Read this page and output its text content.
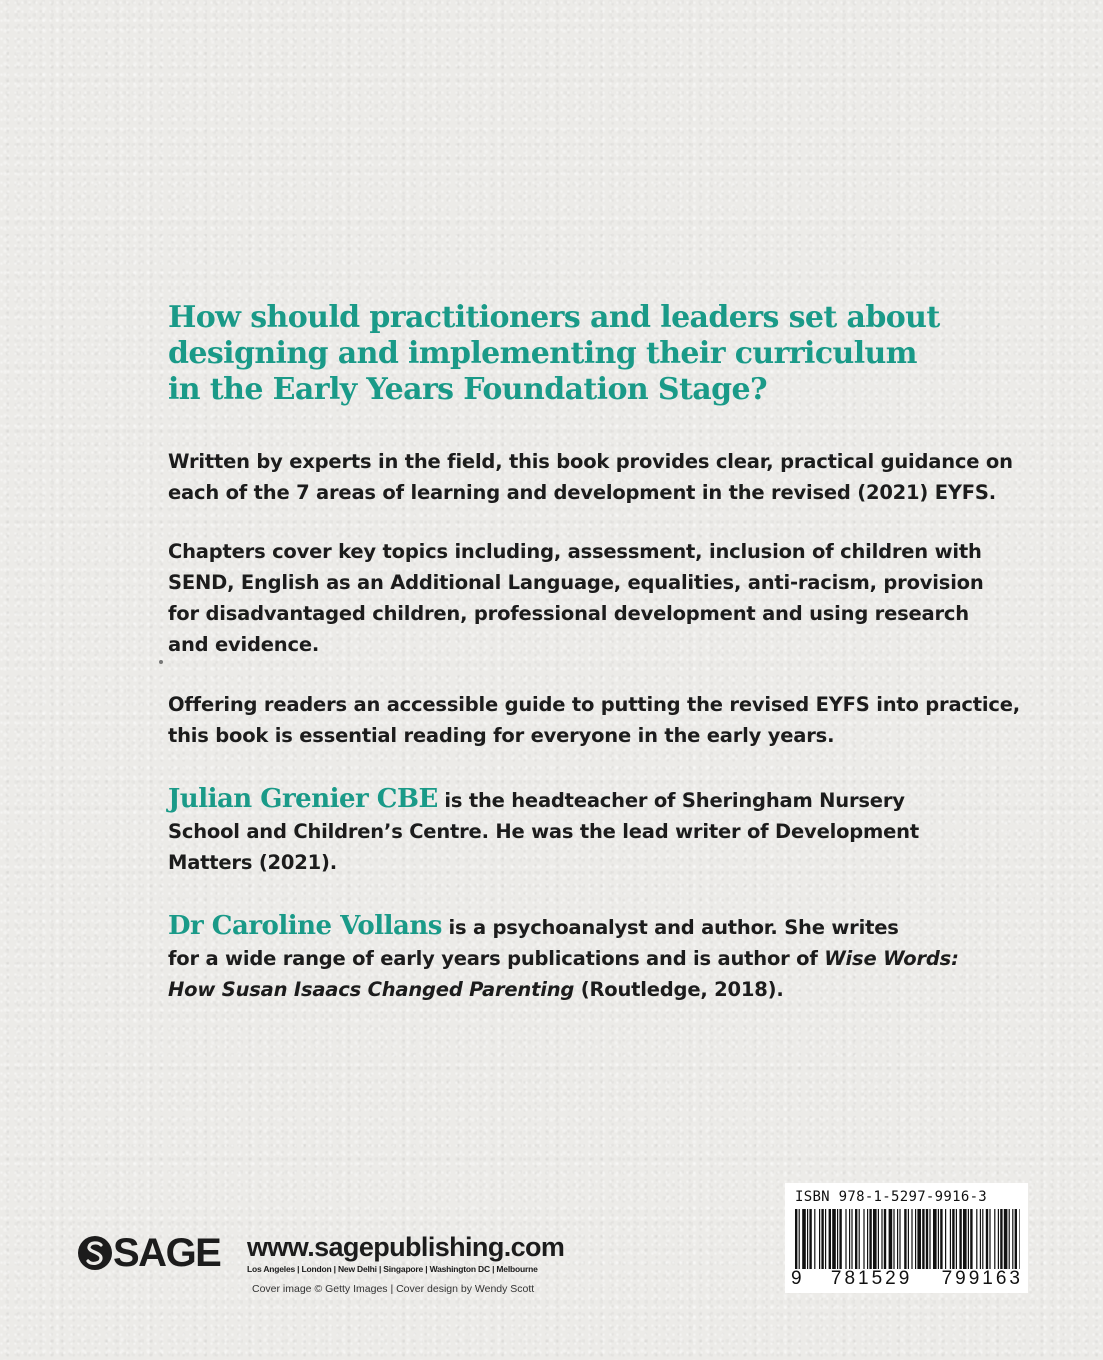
How should practitioners and leaders set about
designing and implementing their curriculum
in the Early Years Foundation Stage?

Written by experts in the field, this book provides clear, practical guidance on
each of the 7 areas of learning and development in the revised (2021) EYFS.

Chapters cover key topics including, assessment, inclusion of children with
SEND, English as an Additional Language, equalities, anti-racism, provision
for disadvantaged children, professional development and using research
and evidence.

Offering readers an accessible guide to putting the revised EYFS into practice,
this book is essential reading for everyone in the early years.

Julian Grenier CBE is the headteacher of Sheringham Nursery
School and Children’s Centre. He was the lead writer of Development
Matters (2021).

Dr Caroline Vollans is a psychoanalyst and author. She writes
for a wide range of early years publications and is author of Wise Words:
How Susan Isaacs Changed Parenting (Routledge, 2018).

SAGE www.sagepublishing.com
Los Angeles | London | New Delhi | Singapore | Washington DC | Melbourne
Cover image © Getty Images | Cover design by Wendy Scott
ISBN 978-1-5297-9916-3
9 781529 799163
